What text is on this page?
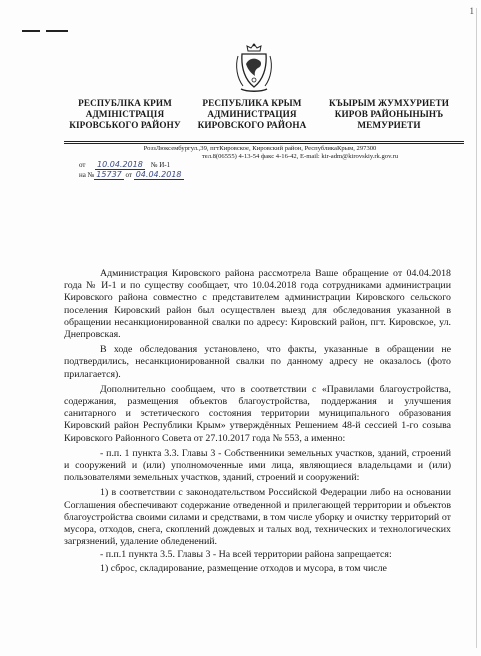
1
РЕСПУБЛІКА КРИМ
АДМІНІСТРАЦІЯ
КІРОВСЬКОГО РАЙОНУ
РЕСПУБЛИКА КРЫМ
АДМИНИСТРАЦИЯ
КИРОВСКОГО РАЙОНА
КЪЫРЫМ ЖУМХУРИЕТИ
КИРОВ РАЙОНЫНЫНЪ
МЕМУРИЕТИ
РоззЛюксембургул.,39, пгтКировское, Кировский район, РеспубликаКрым, 297300
тел.8(06555) 4-13-54 факс 4-16-42, E-mail: kir-adm@kirovskiy.rk.gov.ru
от 10.04.2018 № И-1
на № 15737 от 04.04.2018

Администрация Кировского района рассмотрела Ваше обращение от 04.04.2018 года № И-1 и по существу сообщает, что 10.04.2018 года сотрудниками администрации Кировского района совместно с представителем администрации Кировского сельского поселения Кировский район был осуществлен выезд для обследования указанной в обращении несанкционированной свалки по адресу: Кировский район, пгт. Кировское, ул. Днепровская.

В ходе обследования установлено, что факты, указанные в обращении не подтвердились, несанкционированной свалки по данному адресу не оказалось (фото прилагается).

Дополнительно сообщаем, что в соответствии с «Правилами благоустройства, содержания, размещения объектов благоустройства, поддержания и улучшения санитарного и эстетического состояния территории муниципального образования Кировский район Республики Крым» утверждённых Решением 48-й сессией 1-го созыва Кировского Районного Совета от 27.10.2017 года № 553, а именно:

- п.п. 1 пункта 3.3. Главы 3 - Собственники земельных участков, зданий, строений и сооружений и (или) уполномоченные ими лица, являющиеся владельцами и (или) пользователями земельных участков, зданий, строений и сооружений:

1) в соответствии с законодательством Российской Федерации либо на основании Соглашения обеспечивают содержание отведенной и прилегающей территории и объектов благоустройства своими силами и средствами, в том числе уборку и очистку территорий от мусора, отходов, снега, скоплений дождевых и талых вод, технических и технологических загрязнений, удаление обледенений.

- п.п.1 пункта 3.5. Главы 3 - На всей территории района запрещается:

1) сброс, складирование, размещение отходов и мусора, в том числе
